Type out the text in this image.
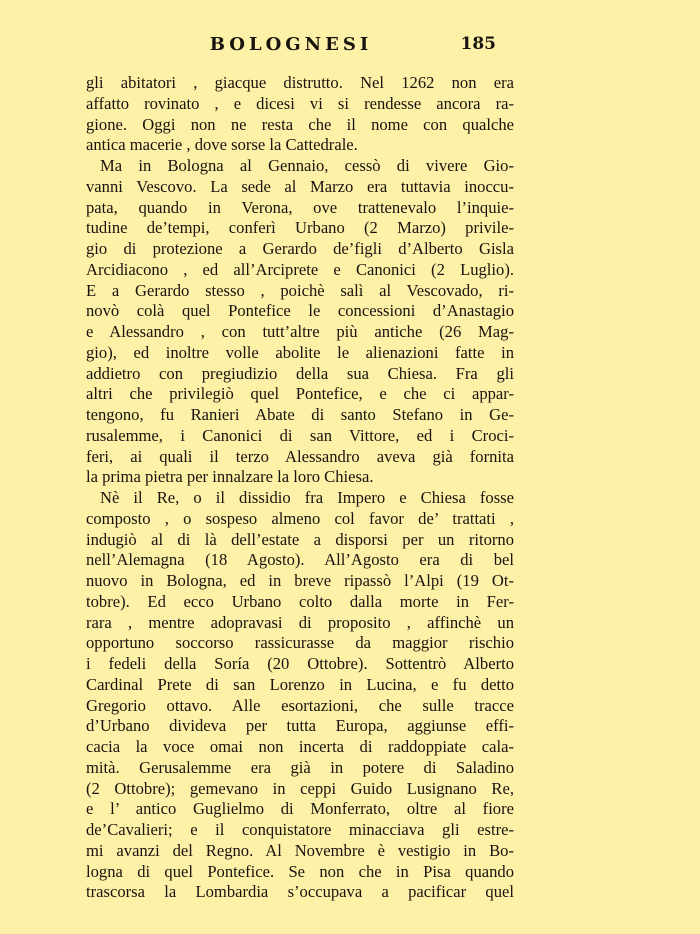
BOLOGNESI	185
gli abitatori , giacque distrutto. Nel 1262 non era
affatto rovinato , e dicesi vi si rendesse ancora ra-
gione. Oggi non ne resta che il nome con qualche
antica macerie , dove sorse la Cattedrale.
Ma in Bologna al Gennaio, cessò di vivere Gio-
vanni Vescovo. La sede al Marzo era tuttavia inoccu-
pata, quando in Verona, ove trattenevalo l’inquie-
tudine de’tempi, conferì Urbano (2 Marzo) privile-
gio di protezione a Gerardo de’figli d’Alberto Gisla
Arcidiacono , ed all’Arciprete e Canonici (2 Luglio).
E a Gerardo stesso , poichè salì al Vescovado, ri-
novò colà quel Pontefice le concessioni d’Anastagio
e Alessandro , con tutt’altre più antiche (26 Mag-
gio), ed inoltre volle abolite le alienazioni fatte in
addietro con pregiudizio della sua Chiesa. Fra gli
altri che privilegiò quel Pontefice, e che ci appar-
tengono, fu Ranieri Abate di santo Stefano in Ge-
rusalemme, i Canonici di san Vittore, ed i Croci-
feri, ai quali il terzo Alessandro aveva già fornita
la prima pietra per innalzare la loro Chiesa.
Nè il Re, o il dissidio fra Impero e Chiesa fosse
composto , o sospeso almeno col favor de’ trattati ,
indugiò al di là dell’estate a disporsi per un ritorno
nell’Alemagna (18 Agosto). All’Agosto era di bel
nuovo in Bologna, ed in breve ripassò l’Alpi (19 Ot-
tobre). Ed ecco Urbano colto dalla morte in Fer-
rara , mentre adopravasi di proposito , affinchè un
opportuno soccorso rassicurasse da maggior rischio
i fedeli della Soría (20 Ottobre). Sottentrò Alberto
Cardinal Prete di san Lorenzo in Lucina, e fu detto
Gregorio ottavo. Alle esortazioni, che sulle tracce
d’Urbano divideva per tutta Europa, aggiunse effi-
cacia la voce omai non incerta di raddoppiate cala-
mità. Gerusalemme era già in potere di Saladino
(2 Ottobre); gemevano in ceppi Guido Lusignano Re,
e l’ antico Guglielmo di Monferrato, oltre al fiore
de’Cavalieri; e il conquistatore minacciava gli estre-
mi avanzi del Regno. Al Novembre è vestigio in Bo-
logna di quel Pontefice. Se non che in Pisa quando
trascorsa la Lombardia s’occupava a pacificar quel
